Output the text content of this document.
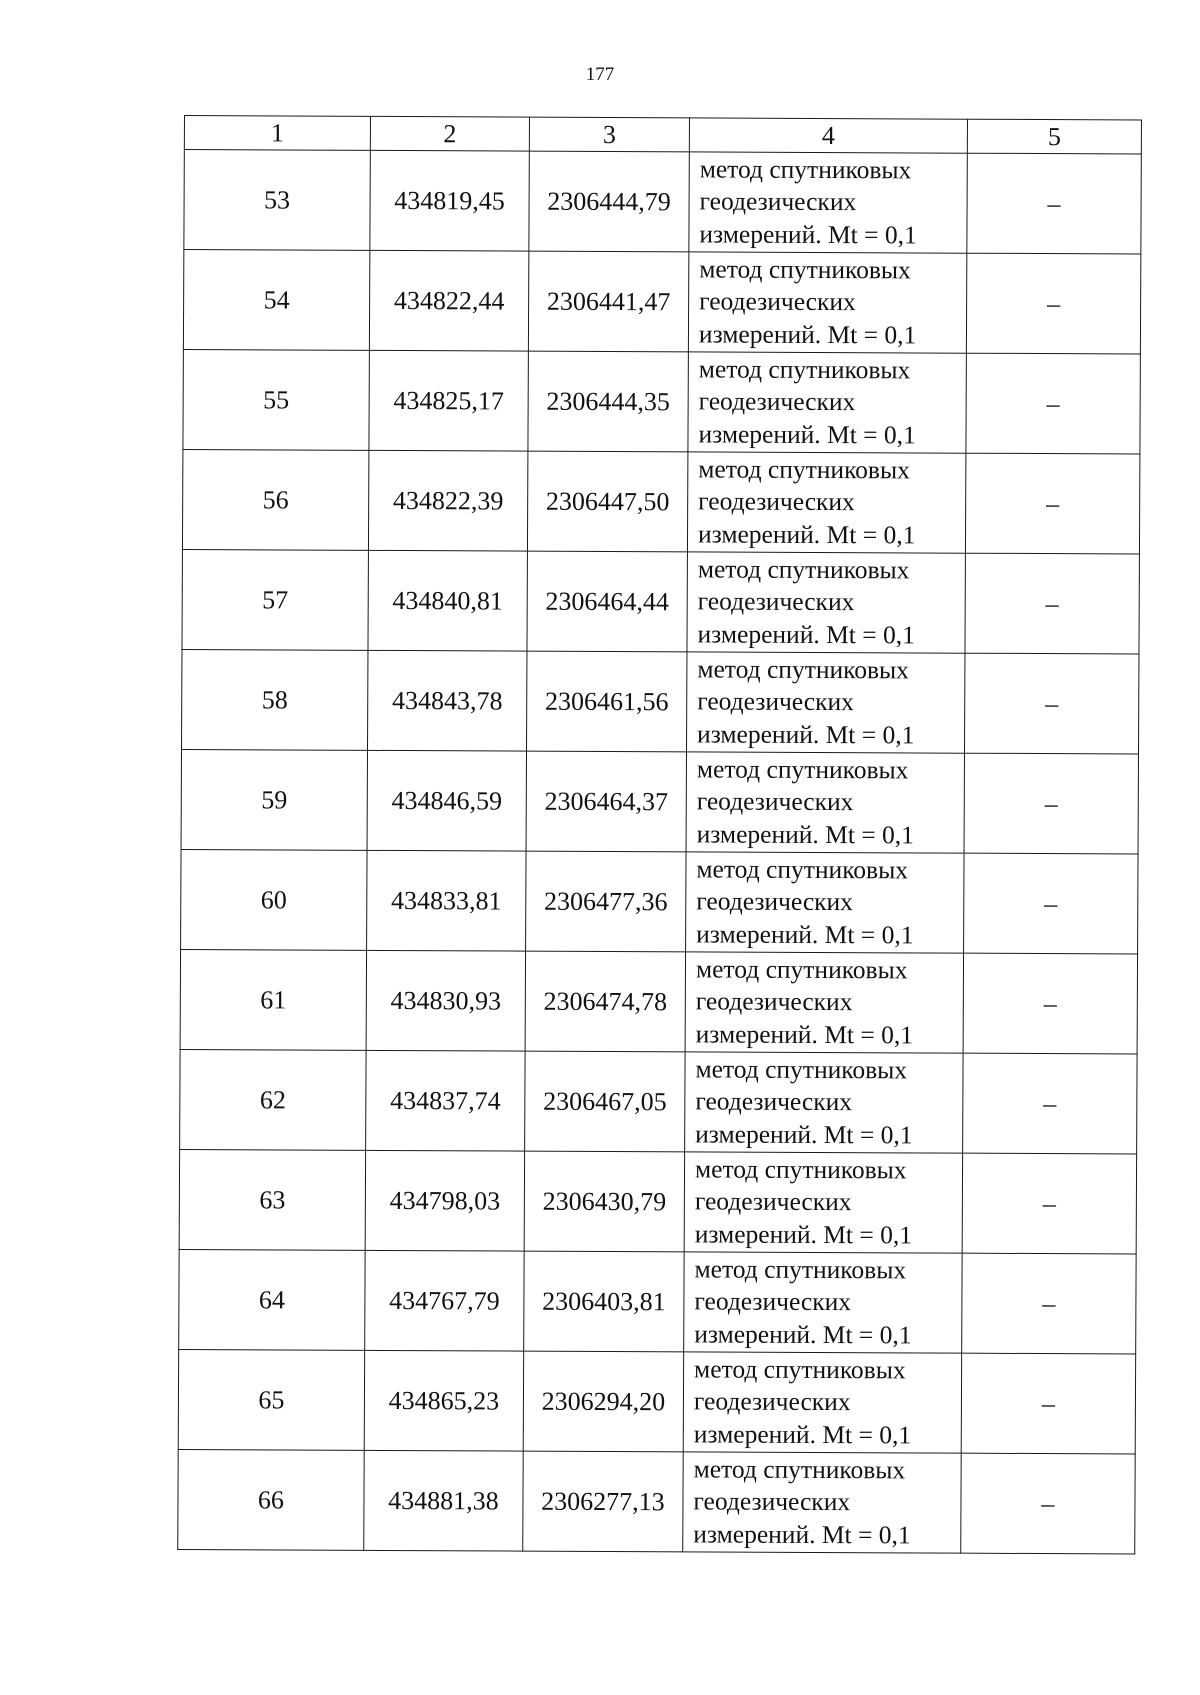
177
1	2	3	4	5
53	434819,45	2306444,79	метод спутниковых
геодезических
измерений. Mt = 0,1	–
54	434822,44	2306441,47	метод спутниковых
геодезических
измерений. Mt = 0,1	–
55	434825,17	2306444,35	метод спутниковых
геодезических
измерений. Mt = 0,1	–
56	434822,39	2306447,50	метод спутниковых
геодезических
измерений. Mt = 0,1	–
57	434840,81	2306464,44	метод спутниковых
геодезических
измерений. Mt = 0,1	–
58	434843,78	2306461,56	метод спутниковых
геодезических
измерений. Mt = 0,1	–
59	434846,59	2306464,37	метод спутниковых
геодезических
измерений. Mt = 0,1	–
60	434833,81	2306477,36	метод спутниковых
геодезических
измерений. Mt = 0,1	–
61	434830,93	2306474,78	метод спутниковых
геодезических
измерений. Mt = 0,1	–
62	434837,74	2306467,05	метод спутниковых
геодезических
измерений. Mt = 0,1	–
63	434798,03	2306430,79	метод спутниковых
геодезических
измерений. Mt = 0,1	–
64	434767,79	2306403,81	метод спутниковых
геодезических
измерений. Mt = 0,1	–
65	434865,23	2306294,20	метод спутниковых
геодезических
измерений. Mt = 0,1	–
66	434881,38	2306277,13	метод спутниковых
геодезических
измерений. Mt = 0,1	–
